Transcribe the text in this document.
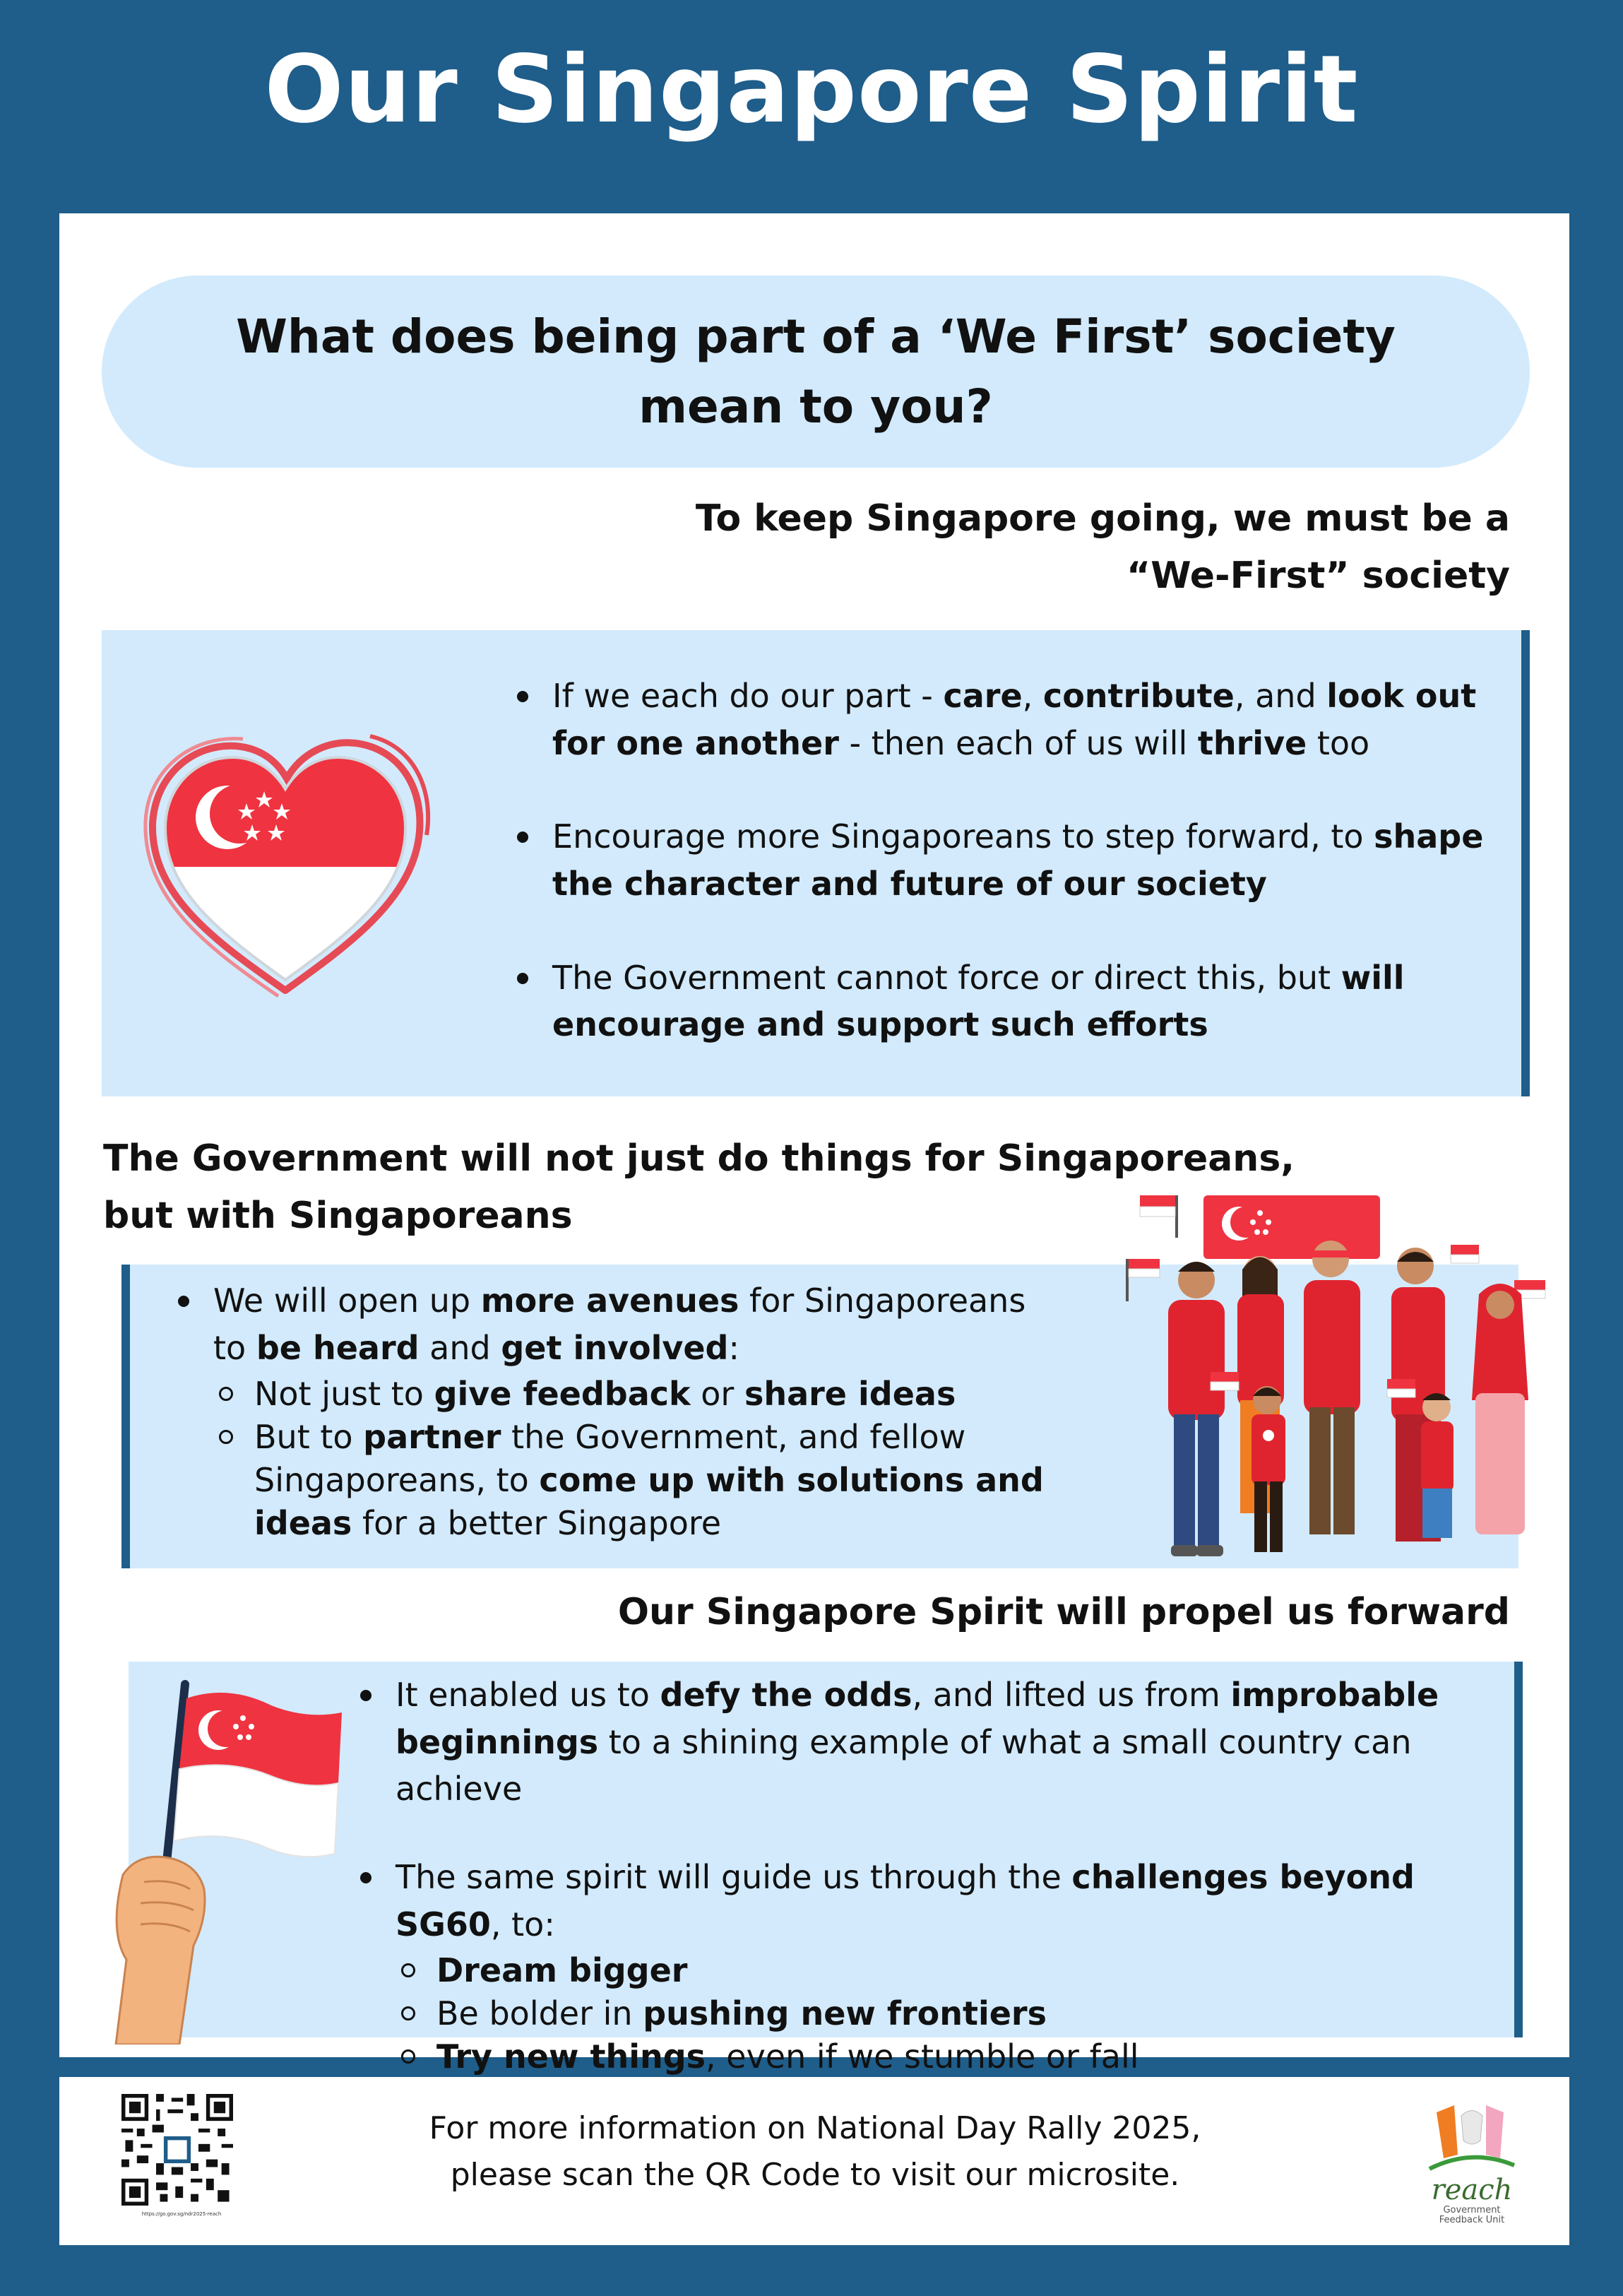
Our Singapore Spirit
What does being part of a ‘We First’ society mean to you?
To keep Singapore going, we must be a “We-First” society
If we each do our part - care, contribute, and look out for one another - then each of us will thrive too
Encourage more Singaporeans to step forward, to shape the character and future of our society
The Government cannot force or direct this, but will encourage and support such efforts
The Government will not just do things for Singaporeans, but with Singaporeans
We will open up more avenues for Singaporeans to be heard and get involved:
Not just to give feedback or share ideas
But to partner the Government, and fellow Singaporeans, to come up with solutions and ideas for a better Singapore
Our Singapore Spirit will propel us forward
It enabled us to defy the odds, and lifted us from improbable beginnings to a shining example of what a small country can achieve
The same spirit will guide us through the challenges beyond SG60, to:
Dream bigger
Be bolder in pushing new frontiers
Try new things, even if we stumble or fall
https://go.gov.sg/ndr2025-reach
For more information on National Day Rally 2025,
please scan the QR Code to visit our microsite.	reach
Government
Feedback Unit
